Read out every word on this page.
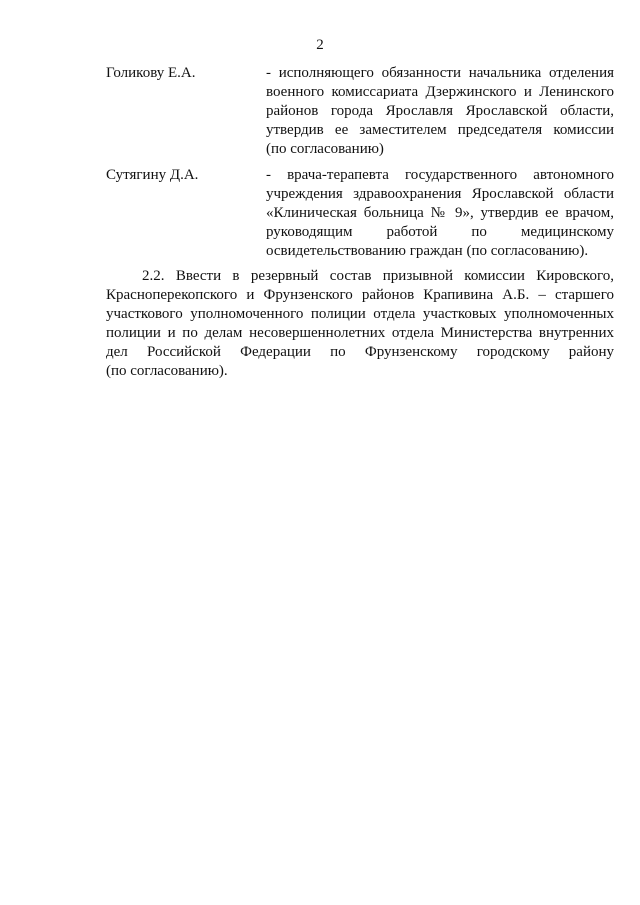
2
Голикову Е.А.	- исполняющего обязанности начальника отделения
военного комиссариата Дзержинского и Ленинского
районов города Ярославля Ярославской области,
утвердив ее заместителем председателя комиссии
(по согласованию)
Сутягину Д.А.	- врача-терапевта государственного автономного
учреждения здравоохранения Ярославской области
«Клиническая больница № 9», утвердив ее врачом,
руководящим работой по медицинскому
освидетельствованию граждан (по согласованию).
2.2. Ввести в резервный состав призывной комиссии Кировского,
Красноперекопского и Фрунзенского районов Крапивина А.Б. – старшего
участкового уполномоченного полиции отдела участковых уполномоченных
полиции и по делам несовершеннолетних отдела Министерства внутренних
дел Российской Федерации по Фрунзенскому городскому району
(по согласованию).
